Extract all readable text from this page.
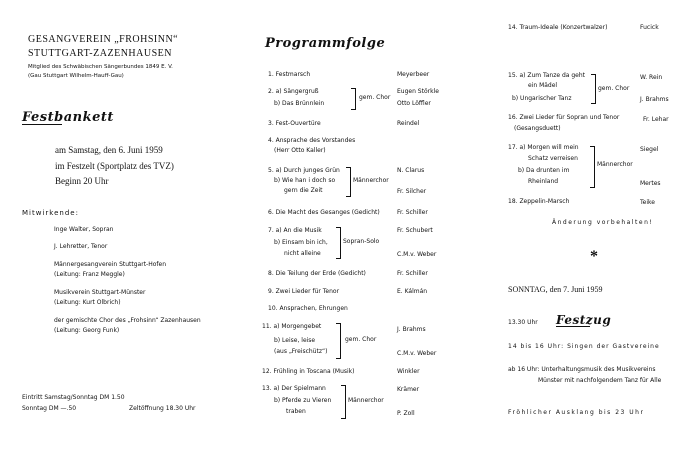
GESANGVEREIN „FROHSINN“
STUTTGART-ZAZENHAUSEN
Mitglied des Schwäbischen Sängerbundes 1849 E. V.
(Gau Stuttgart Wilhelm-Hauff-Gau)
Festbankett
am Samstag, den 6. Juni 1959
im Festzelt (Sportplatz des TVZ)
Beginn 20 Uhr
Mitwirkende:
Inge Walter, Sopran
J. Lehretter, Tenor
Männergesangverein Stuttgart-Hofen
(Leitung: Franz Meggle)
Musikverein Stuttgart-Münster
(Leitung: Kurt Olbrich)
der gemischte Chor des „Frohsinn“ Zazenhausen
(Leitung: Georg Funk)
Eintritt Samstag/Sonntag DM 1.50
Sonntag DM —.50	Zeltöffnung 18.30 Uhr
Programmfolge
1. Festmarsch	Meyerbeer
2. a) Sängergruß	Eugen Störkle
b) Das Brünnlein	Otto Löffler
3. Fest-Ouvertüre	Reindel
4. Ansprache des Vorstandes
(Herr Otto Kaller)
5. a) Durch junges Grün	N. Clarus
b) Wie han i doch so
gern die Zeit	Fr. Silcher
6. Die Macht des Gesanges (Gedicht)	Fr. Schiller
7. a) An die Musik	Fr. Schubert
b) Einsam bin ich,
nicht alleine	C.M.v. Weber
8. Die Teilung der Erde (Gedicht)	Fr. Schiller
9. Zwei Lieder für Tenor	E. Kálmán
10. Ansprachen, Ehrungen
11. a) Morgengebet	J. Brahms
b) Leise, leise
(aus „Freischütz“)	C.M.v. Weber
12. Frühling in Toscana (Musik)	Winkler
13. a) Der Spielmann	Krämer
b) Pferde zu Vieren
traben	P. Zoll
gem. Chor
Männerchor
Sopran-Solo
gem. Chor
Männerchor
14. Traum-Ideale (Konzertwalzer)	Fucick
15. a) Zum Tanze da geht	W. Rein
ein Mädel
b) Ungarischer Tanz	J. Brahms
16. Zwei Lieder für Sopran und Tenor	Fr. Lehar
(Gesangsduett)
17. a) Morgen will mein	Siegel
Schatz verreisen
b) Da drunten im
Rheinland	Mertes
18. Zeppelin-Marsch	Teike
gem. Chor
Männerchor
Änderung vorbehalten!
*
SONNTAG, den 7. Juni 1959
13.30 Uhr Festzug
14 bis 16 Uhr: Singen der Gastvereine
ab 16 Uhr: Unterhaltungsmusik des Musikvereins
Münster mit nachfolgendem Tanz für Alle
Fröhlicher Ausklang bis 23 Uhr
